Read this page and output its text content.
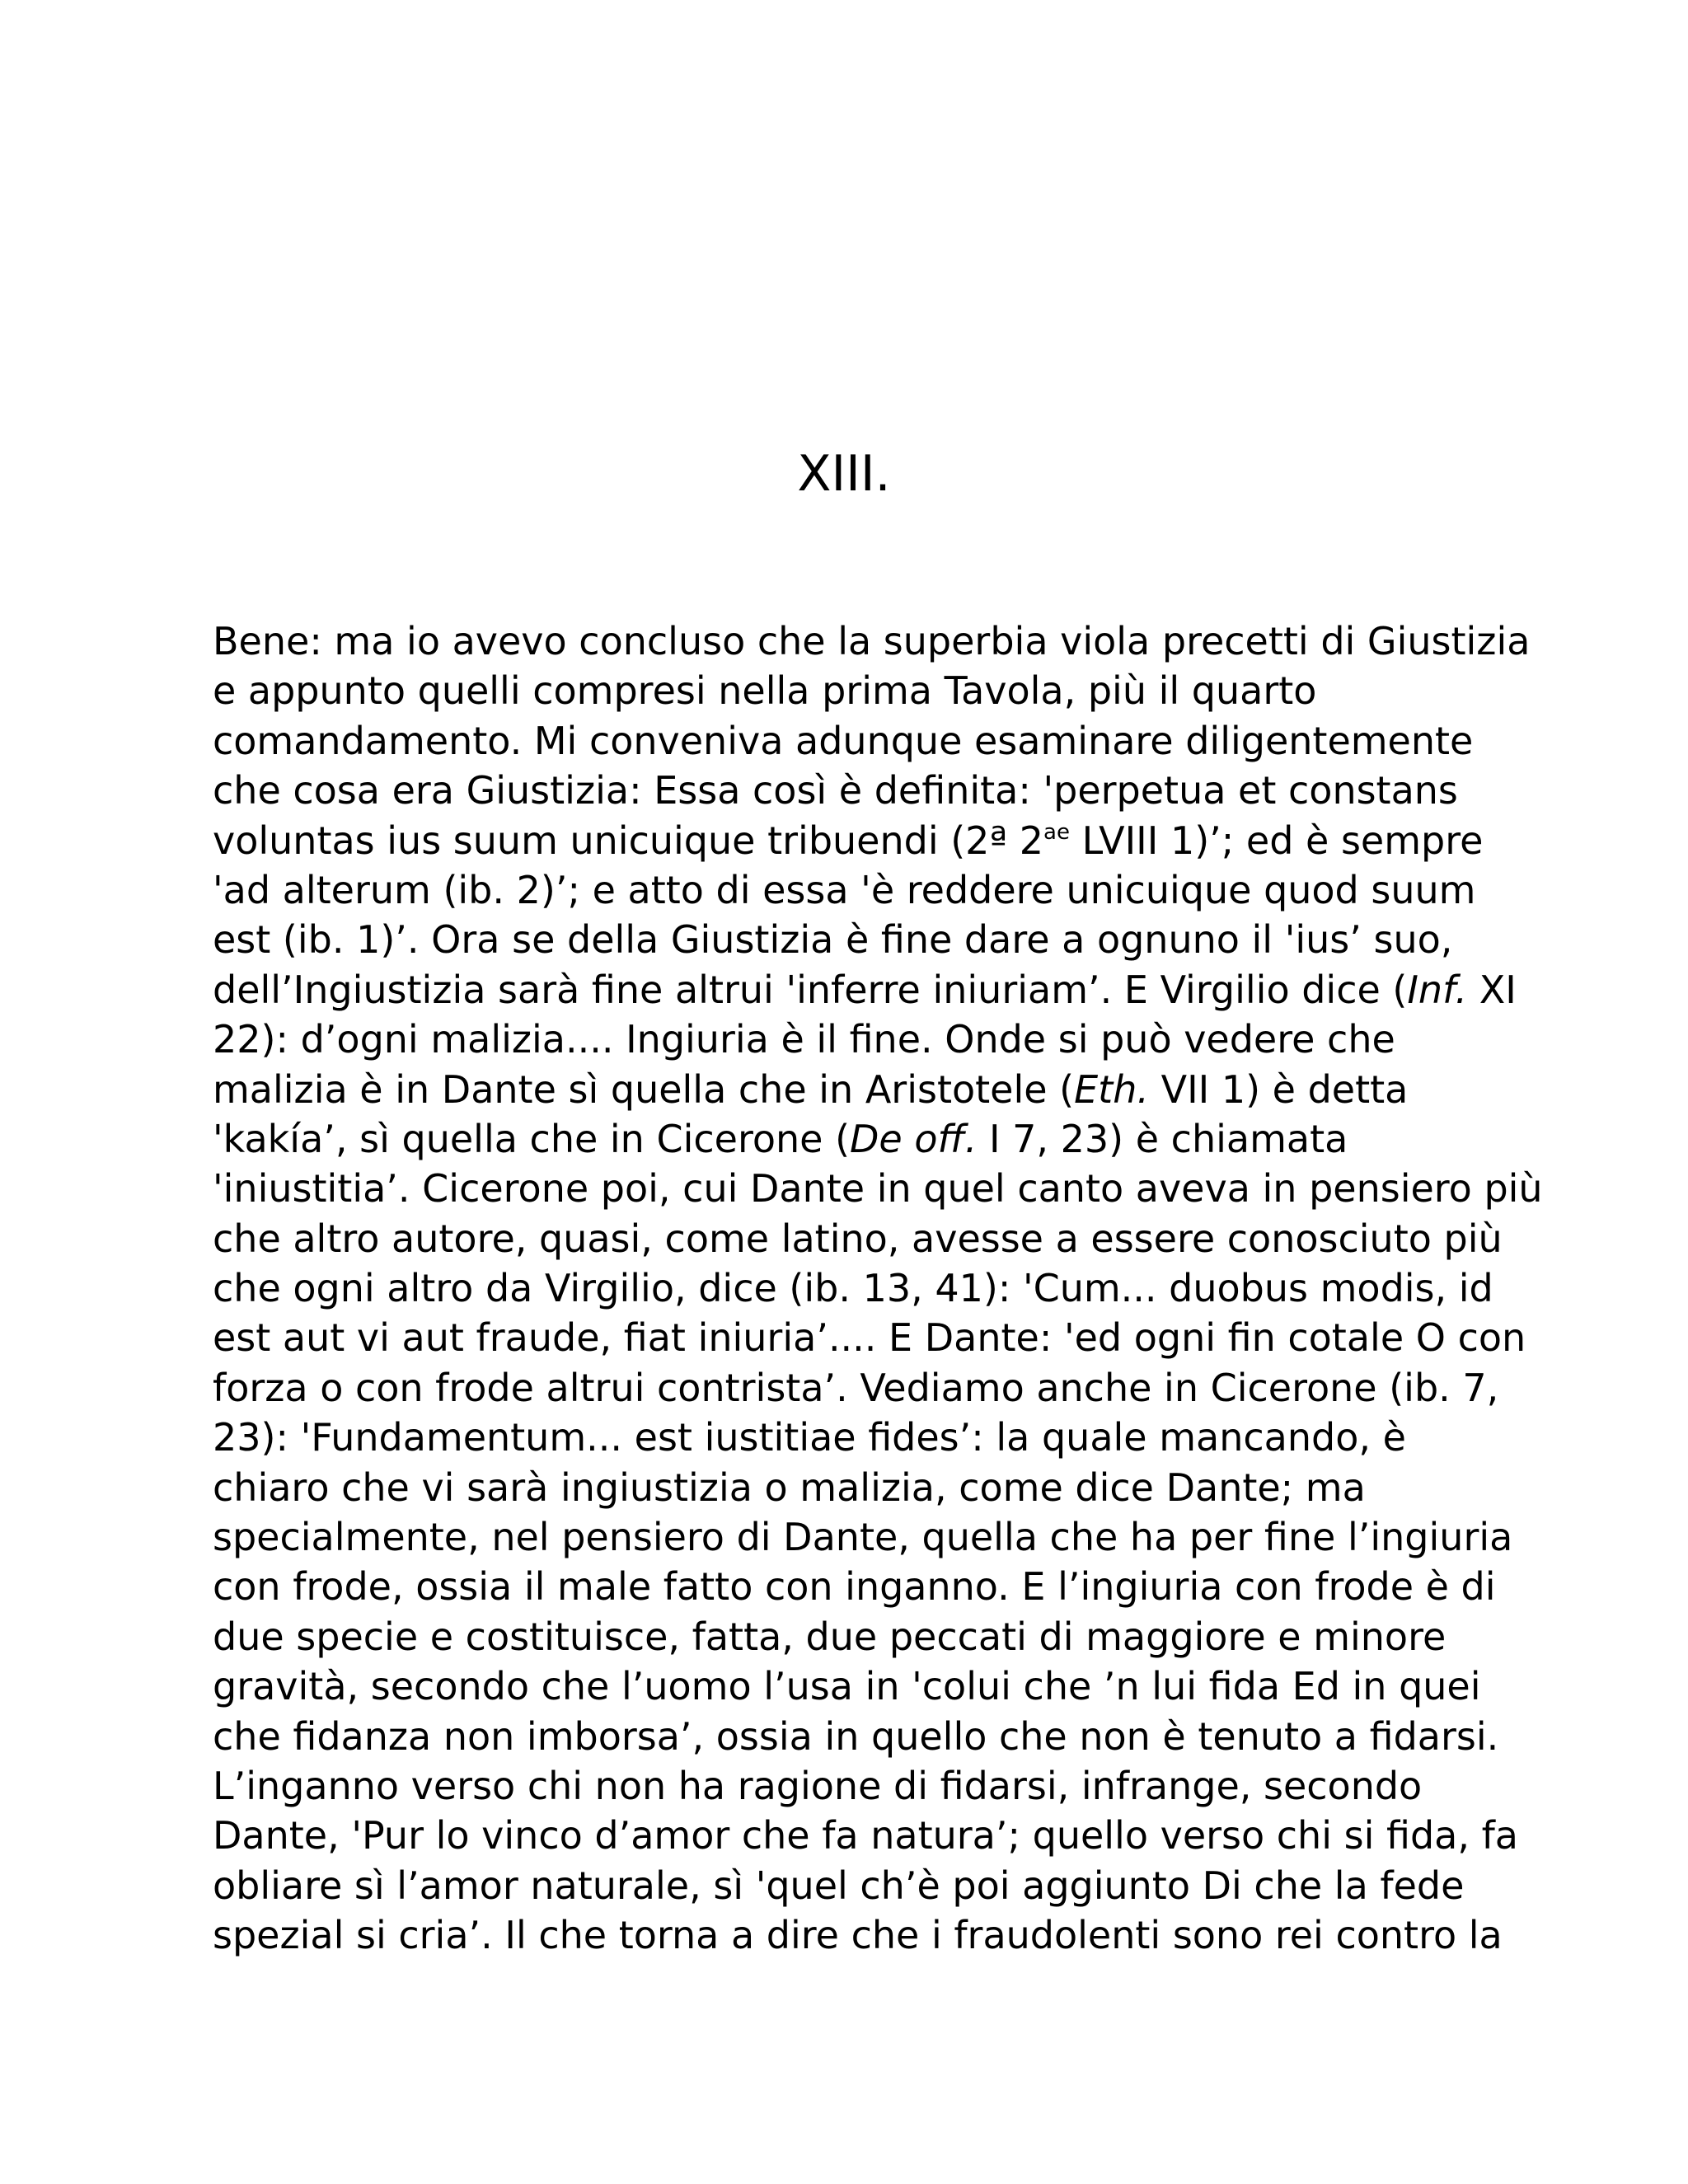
XIII.
Bene: ma io avevo concluso che la superbia viola precetti di Giustizia
e appunto quelli compresi nella prima Tavola, più il quarto
comandamento. Mi conveniva adunque esaminare diligentemente
che cosa era Giustizia: Essa così è definita: 'perpetua et constans
voluntas ius suum unicuique tribuendi (2ª $2^{ae}$ LVIII 1)’; ed è sempre
'ad alterum (ib. 2)’; e atto di essa 'è reddere unicuique quod suum
est (ib. 1)’. Ora se della Giustizia è fine dare a ognuno il 'ius’ suo,
dell’Ingiustizia sarà fine altrui 'inferre iniuriam’. E Virgilio dice (Inf. XI
22): d’ogni malizia.... Ingiuria è il fine. Onde si può vedere che
malizia è in Dante sì quella che in Aristotele (Eth. VII 1) è detta
'kakía’, sì quella che in Cicerone (De off. I 7, 23) è chiamata
'iniustitia’. Cicerone poi, cui Dante in quel canto aveva in pensiero più
che altro autore, quasi, come latino, avesse a essere conosciuto più
che ogni altro da Virgilio, dice (ib. 13, 41): 'Cum... duobus modis, id
est aut vi aut fraude, fiat iniuria’.... E Dante: 'ed ogni fin cotale O con
forza o con frode altrui contrista’. Vediamo anche in Cicerone (ib. 7,
23): 'Fundamentum... est iustitiae fides’: la quale mancando, è
chiaro che vi sarà ingiustizia o malizia, come dice Dante; ma
specialmente, nel pensiero di Dante, quella che ha per fine l’ingiuria
con frode, ossia il male fatto con inganno. E l’ingiuria con frode è di
due specie e costituisce, fatta, due peccati di maggiore e minore
gravità, secondo che l’uomo l’usa in 'colui che ’n lui fida Ed in quei
che fidanza non imborsa’, ossia in quello che non è tenuto a fidarsi.
L’inganno verso chi non ha ragione di fidarsi, infrange, secondo
Dante, 'Pur lo vinco d’amor che fa natura’; quello verso chi si fida, fa
obliare sì l’amor naturale, sì 'quel ch’è poi aggiunto Di che la fede
spezial si cria’. Il che torna a dire che i fraudolenti sono rei contro la
